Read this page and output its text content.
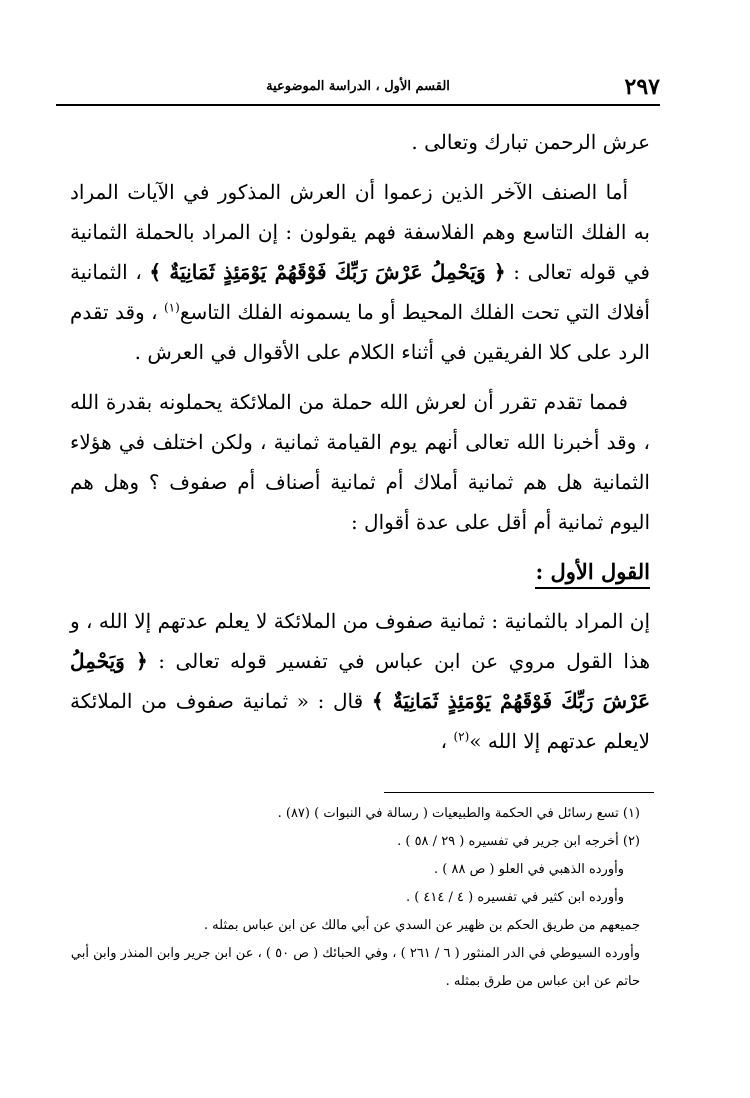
٢٩٧
القسم الأول ، الدراسة الموضوعية

عرش الرحمن تبارك وتعالى .

أما الصنف الآخر الذين زعموا أن العرش المذكور في الآيات المراد به الفلك التاسع وهم الفلاسفة فهم يقولون : إن المراد بالحملة الثمانية في قوله تعالى : ﴿ وَيَحْمِلُ عَرْشَ رَبِّكَ فَوْقَهُمْ يَوْمَئِذٍ ثَمَانِيَةٌ ﴾ ، الثمانية أفلاك التي تحت الفلك المحيط أو ما يسمونه الفلك التاسع$^{(١)}$ ، وقد تقدم الرد على كلا الفريقين في أثناء الكلام على الأقوال في العرش .

فمما تقدم تقرر أن لعرش الله حملة من الملائكة يحملونه بقدرة الله ، وقد أخبرنا الله تعالى أنهم يوم القيامة ثمانية ، ولكن اختلف في هؤلاء الثمانية هل هم ثمانية أملاك أم ثمانية أصناف أم صفوف ؟ وهل هم اليوم ثمانية أم أقل على عدة أقوال :

القول الأول :

إن المراد بالثمانية : ثمانية صفوف من الملائكة لا يعلم عدتهم إلا الله ، و هذا القول مروي عن ابن عباس في تفسير قوله تعالى : ﴿ وَيَحْمِلُ عَرْشَ رَبِّكَ فَوْقَهُمْ يَوْمَئِذٍ ثَمَانِيَةٌ ﴾ قال : « ثمانية صفوف من الملائكة لايعلم عدتهم إلا الله »$^{(٢)}$ ،

(١) تسع رسائل في الحكمة والطبيعيات ( رسالة في النبوات ) (٨٧) .

(٢) أخرجه ابن جرير في تفسيره ( ٢٩ / ٥٨ ) .

وأورده الذهبي في العلو ( ص ٨٨ ) .

وأورده ابن كثير في تفسيره ( ٤ / ٤١٤ ) .

جميعهم من طريق الحكم بن ظهير عن السدي عن أبي مالك عن ابن عباس بمثله .

وأورده السيوطي في الدر المنثور ( ٦ / ٢٦١ ) ، وفي الحبائك ( ص ٥٠ ) ، عن ابن جرير وابن المنذر وابن أبي حاتم عن ابن عباس من طرق بمثله .
